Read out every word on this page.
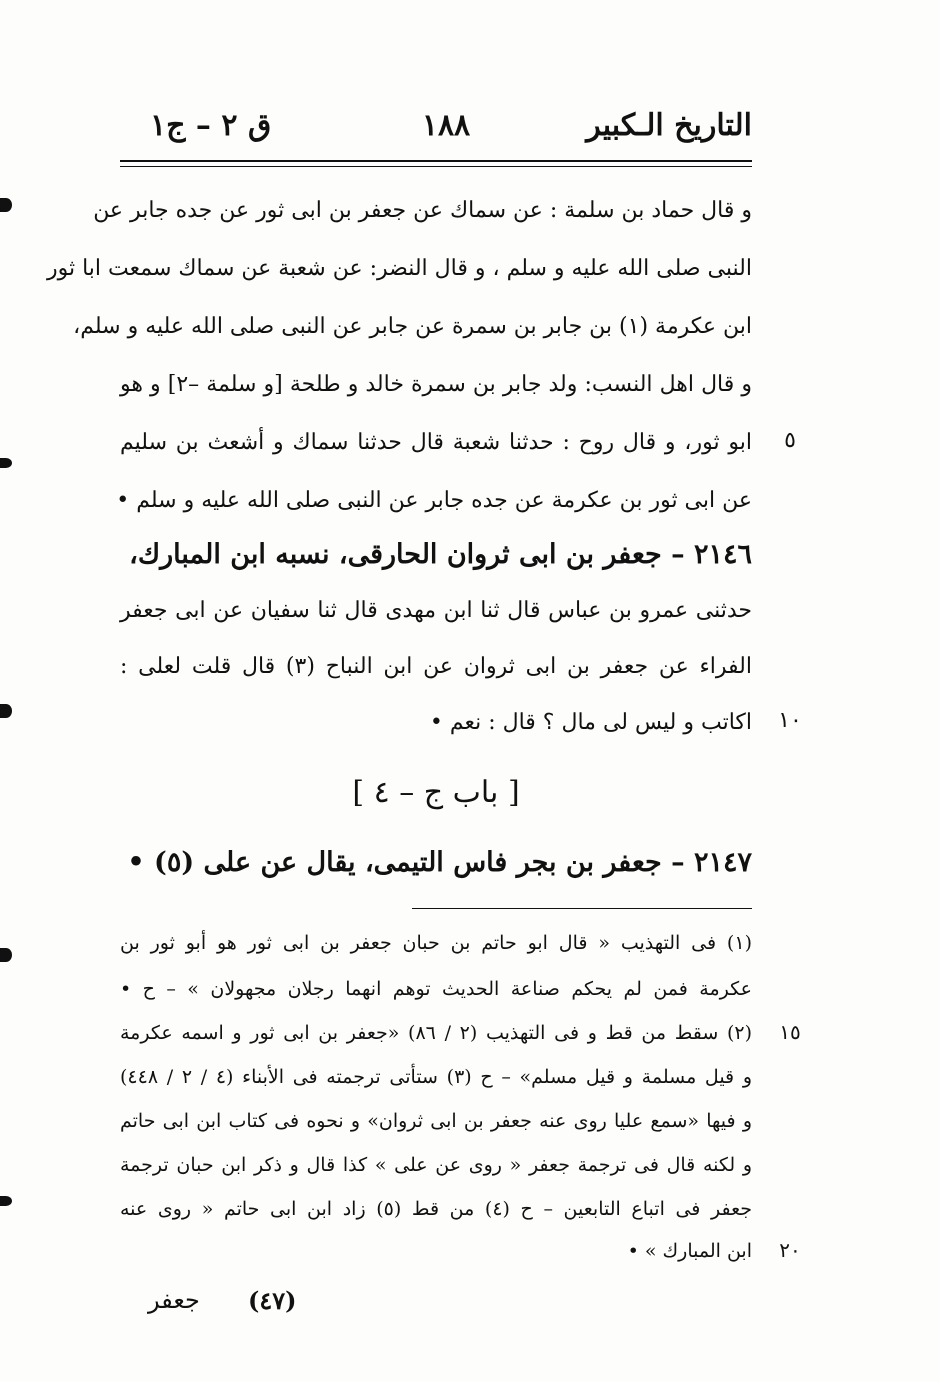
التاريخ الـكبير
١٨٨
ق ٢ – ج١
و قال حماد بن سلمة : عن سماك عن جعفر بن ابى ثور عن جده جابر عن
النبى صلى الله عليه و سلم ، و قال النضر: عن شعبة عن سماك سمعت ابا ثور
ابن عكرمة (١) بن جابر بن سمرة عن جابر عن النبى صلى الله عليه و سلم،
و قال اهل النسب: ولد جابر بن سمرة خالد و طلحة [و سلمة –٢] و هو
ابو ثور، و قال روح : حدثنا شعبة قال حدثنا سماك و أشعث بن سليم	٥
عن ابى ثور بن عكرمة عن جده جابر عن النبى صلى الله عليه و سلم •
٢١٤٦ – جعفر بن ابى ثروان الحارقى، نسبه ابن المبارك،
حدثنى عمرو بن عباس قال ثنا ابن مهدى قال ثنا سفيان عن ابى جعفر
الفراء عن جعفر بن ابى ثروان عن ابن النباح (٣) قال قلت لعلى :
اكاتب و ليس لى مال ؟ قال : نعم •	١٠
[ باب ج – ٤ ]
٢١٤٧ – جعفر بن بجر فاس التيمى، يقال عن على (٥) •
(١) فى التهذيب « قال ابو حاتم بن حبان جعفر بن ابى ثور هو أبو ثور بن
عكرمة فمن لم يحكم صناعة الحديث توهم انهما رجلان مجهولان » – ح •
(٢) سقط من قط و فى التهذيب (٢ / ٨٦) «جعفر بن ابى ثور و اسمه عكرمة	١٥
و قيل مسلمة و قيل مسلم» – ح (٣) ستأتى ترجمته فى الأبناء (٤ / ٢ / ٤٤٨)
و فيها «سمع عليا روى عنه جعفر بن ابى ثروان» و نحوه فى كتاب ابن ابى حاتم
و لكنه قال فى ترجمة جعفر « روى عن على » كذا قال و ذكر ابن حبان ترجمة
جعفر فى اتباع التابعين – ح (٤) من قط (٥) زاد ابن ابى حاتم « روى عنه
ابن المبارك » •	٢٠
(٤٧)
جعفر
